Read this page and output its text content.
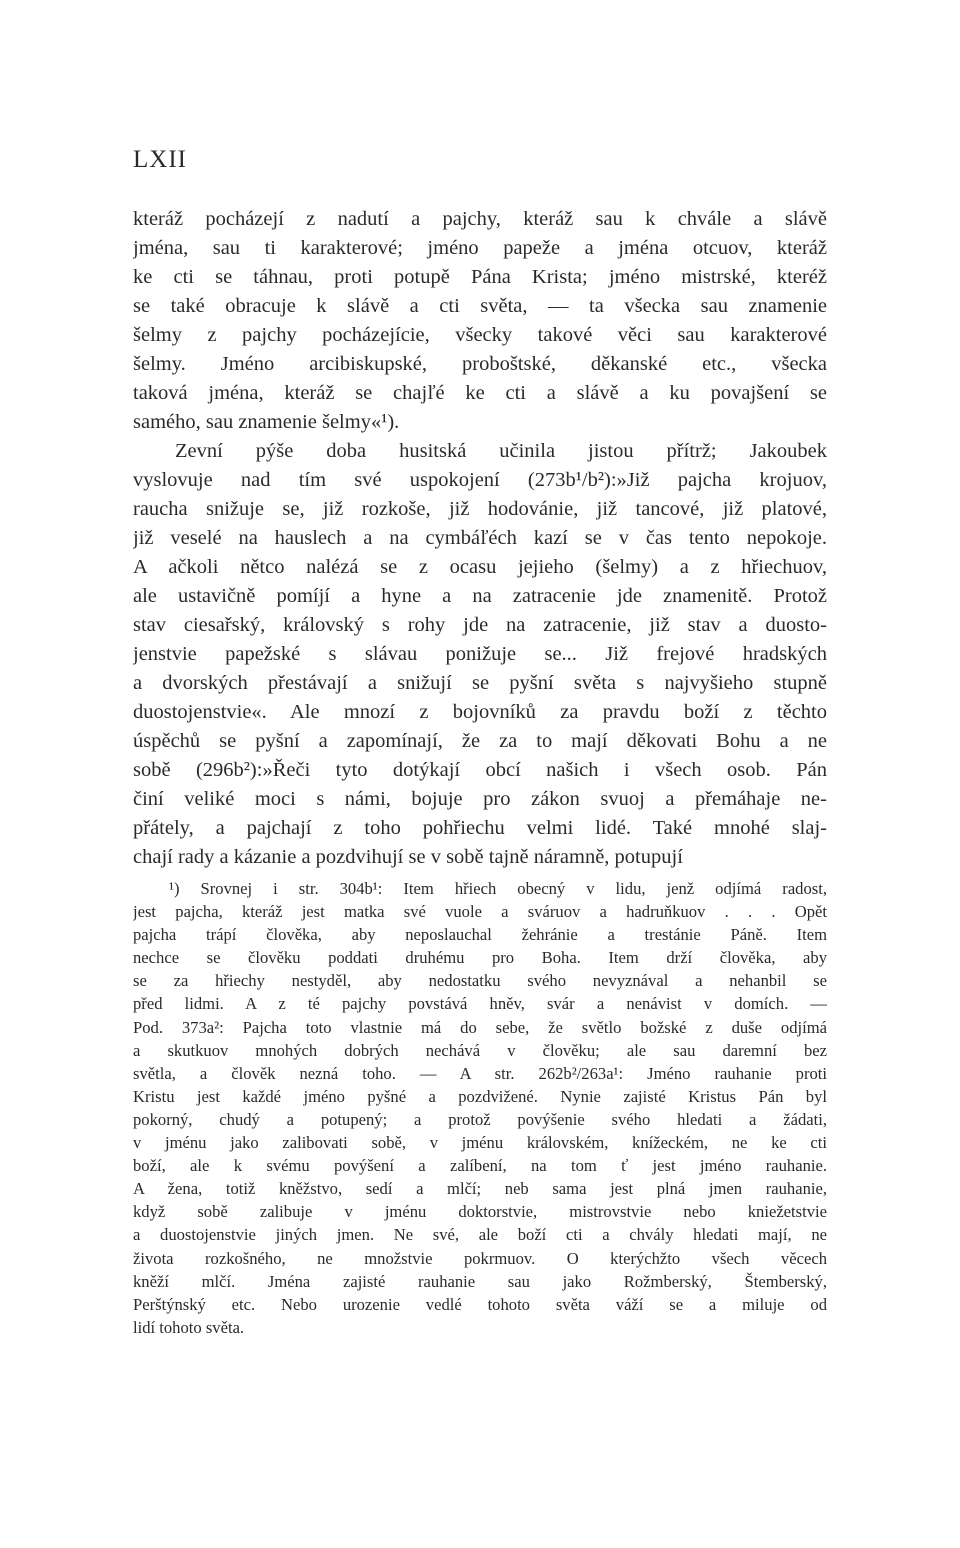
LXII
kteráž pocházejí z nadutí a pajchy, kteráž sau k chvále a slávě
jména, sau ti karakterové; jméno papeže a jména otcuov, kteráž
ke cti se táhnau, proti potupě Pána Krista; jméno mistrské, kteréž
se také obracuje k slávě a cti světa, — ta všecka sau znamenie
šelmy z pajchy pocházejície, všecky takové věci sau karakterové
šelmy. Jméno arcibiskupské, proboštské, děkanské etc., všecka
taková jména, kteráž se chajľé ke cti a slávě a ku povajšení se
samého, sau znamenie šelmy«¹).
Zevní pýše doba husitská učinila jistou přítrž; Jakoubek
vyslovuje nad tím své uspokojení (273b¹/b²):»Již pajcha krojuov,
raucha snižuje se, již rozkoše, již hodovánie, již tancové, již platové,
již veselé na hauslech a na cymbáľéch kazí se v čas tento nepokoje.
A ačkoli nětco nalézá se z ocasu jejieho (šelmy) a z hřiechuov,
ale ustavičně pomíjí a hyne a na zatracenie jde znamenitě. Protož
stav ciesařský, královský s rohy jde na zatracenie, již stav a duosto-
jenstvie papežské s slávau ponižuje se... Již frejové hradských
a dvorských přestávají a snižují se pyšní světa s najvyšieho stupně
duostojenstvie«. Ale mnozí z bojovníků za pravdu boží z těchto
úspěchů se pyšní a zapomínají, že za to mají děkovati Bohu a ne
sobě (296b²):»Řeči tyto dotýkají obcí našich i všech osob. Pán
činí veliké moci s námi, bojuje pro zákon svuoj a přemáhaje ne-
přátely, a pajchají z toho pohřiechu velmi lidé. Také mnohé slaj-
chají rady a kázanie a pozdvihují se v sobě tajně náramně, potupují
¹) Srovnej i str. 304b¹: Item hřiech obecný v lidu, jenž odjímá radost,
jest pajcha, kteráž jest matka své vuole a sváruov a hadruňkuov . . . Opět
pajcha trápí člověka, aby neposlauchal žehránie a trestánie Páně. Item
nechce se člověku poddati druhému pro Boha. Item drží člověka, aby
se za hřiechy nestyděl, aby nedostatku svého nevyznával a nehanbil se
před lidmi. A z té pajchy povstává hněv, svár a nenávist v domích. —
Pod. 373a²: Pajcha toto vlastnie má do sebe, že světlo božské z duše odjímá
a skutkuov mnohých dobrých nechává v člověku; ale sau daremní bez
světla, a člověk nezná toho. — A str. 262b²/263a¹: Jméno rauhanie proti
Kristu jest každé jméno pyšné a pozdvižené. Nynie zajisté Kristus Pán byl
pokorný, chudý a potupený; a protož povýšenie svého hledati a žádati,
v jménu jako zalibovati sobě, v jménu královském, knížeckém, ne ke cti
boží, ale k svému povýšení a zalíbení, na tom ť jest jméno rauhanie.
A žena, totiž kněžstvo, sedí a mlčí; neb sama jest plná jmen rauhanie,
když sobě zalibuje v jménu doktorstvie, mistrovstvie nebo kniežetstvie
a duostojenstvie jiných jmen. Ne své, ale boží cti a chvály hledati mají, ne
života rozkošného, ne množstvie pokrmuov. O kterýchžto všech věcech
kněží mlčí. Jména zajisté rauhanie sau jako Rožmberský, Štemberský,
Perštýnský etc. Nebo urozenie vedlé tohoto světa váží se a miluje od
lidí tohoto světa.
